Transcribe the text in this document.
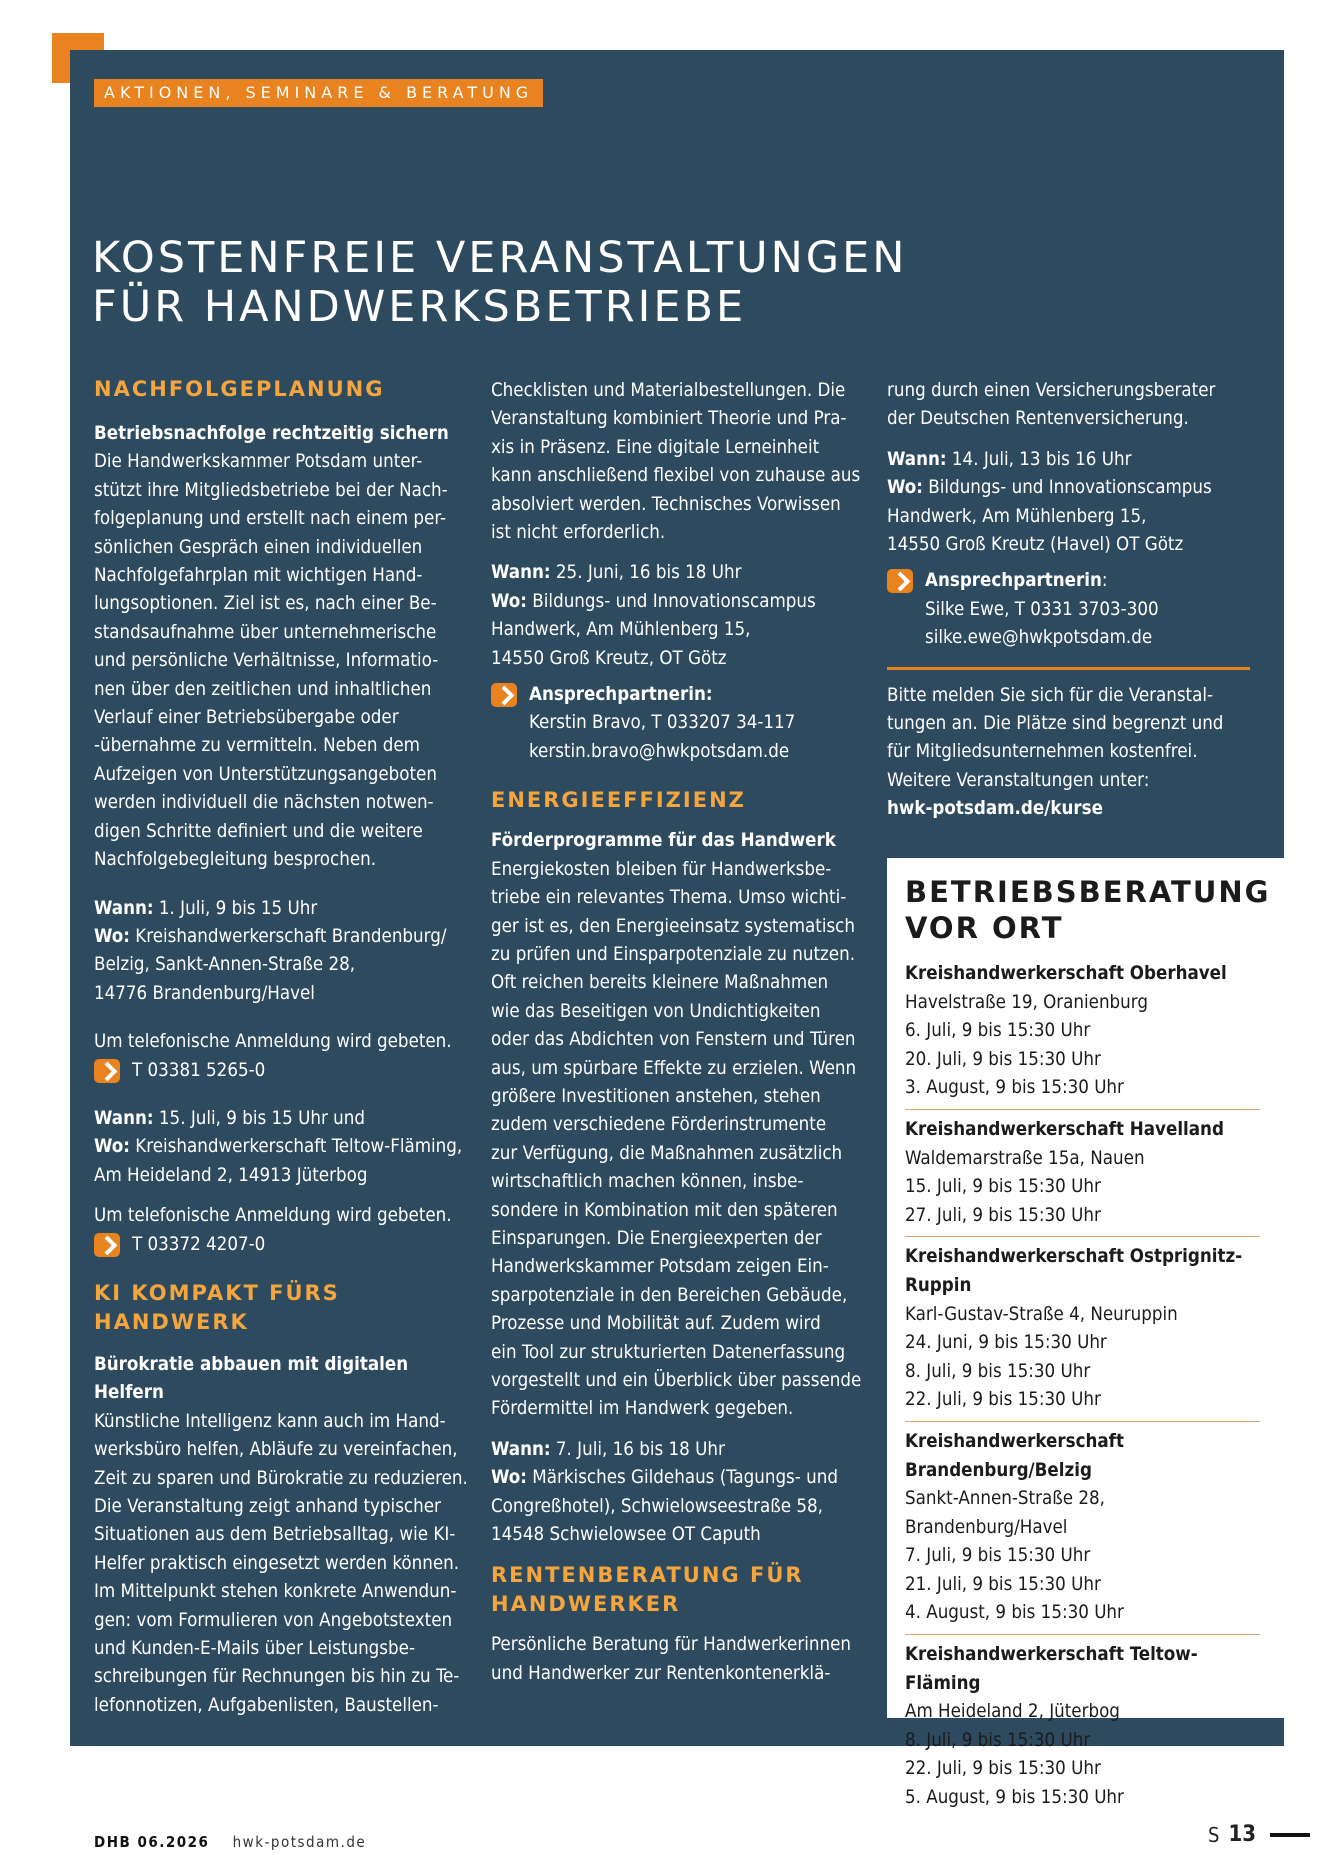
AKTIONEN, SEMINARE & BERATUNG
KOSTENFREIE VERANSTALTUNGEN
FÜR HANDWERKSBETRIEBE
NACHFOLGEPLANUNG
Betriebsnachfolge rechtzeitig sichern
Die Handwerkskammer Potsdam unter-
stützt ihre Mitgliedsbetriebe bei der Nach-
folgeplanung und erstellt nach einem per-
sönlichen Gespräch einen individuellen
Nachfolgefahrplan mit wichtigen Hand-
lungsoptionen. Ziel ist es, nach einer Be-
standsaufnahme über unternehmerische
und persönliche Verhältnisse, Informatio-
nen über den zeitlichen und inhaltlichen
Verlauf einer Betriebsübergabe oder
-übernahme zu vermitteln. Neben dem
Aufzeigen von Unterstützungsangeboten
werden individuell die nächsten notwen-
digen Schritte definiert und die weitere
Nachfolgebegleitung besprochen.
Wann: 1. Juli, 9 bis 15 Uhr
Wo: Kreishandwerkerschaft Brandenburg/
Belzig, Sankt-Annen-Straße 28,
14776 Brandenburg/Havel
Um telefonische Anmeldung wird gebeten.
T 03381 5265-0
Wann: 15. Juli, 9 bis 15 Uhr und
Wo: Kreishandwerkerschaft Teltow-Fläming,
Am Heideland 2, 14913 Jüterbog
Um telefonische Anmeldung wird gebeten.
T 03372 4207-0
KI KOMPAKT FÜRS
HANDWERK
Bürokratie abbauen mit digitalen Helfern
Künstliche Intelligenz kann auch im Hand-
werksbüro helfen, Abläufe zu vereinfachen,
Zeit zu sparen und Bürokratie zu reduzieren.
Die Veranstaltung zeigt anhand typischer
Situationen aus dem Betriebsalltag, wie KI-
Helfer praktisch eingesetzt werden können.
Im Mittelpunkt stehen konkrete Anwendun-
gen: vom Formulieren von Angebotstexten
und Kunden-E-Mails über Leistungsbe-
schreibungen für Rechnungen bis hin zu Te-
lefonnotizen, Aufgabenlisten, Baustellen-
Checklisten und Materialbestellungen. Die
Veranstaltung kombiniert Theorie und Pra-
xis in Präsenz. Eine digitale Lerneinheit
kann anschließend flexibel von zuhause aus
absolviert werden. Technisches Vorwissen
ist nicht erforderlich.
Wann: 25. Juni, 16 bis 18 Uhr
Wo: Bildungs- und Innovationscampus
Handwerk, Am Mühlenberg 15,
14550 Groß Kreutz, OT Götz
Ansprechpartnerin:
Kerstin Bravo, T 033207 34-117
kerstin.bravo@hwkpotsdam.de
ENERGIEEFFIZIENZ
Förderprogramme für das Handwerk
Energiekosten bleiben für Handwerksbe-
triebe ein relevantes Thema. Umso wichti-
ger ist es, den Energieeinsatz systematisch
zu prüfen und Einsparpotenziale zu nutzen.
Oft reichen bereits kleinere Maßnahmen
wie das Beseitigen von Undichtigkeiten
oder das Abdichten von Fenstern und Türen
aus, um spürbare Effekte zu erzielen. Wenn
größere Investitionen anstehen, stehen
zudem verschiedene Förderinstrumente
zur Verfügung, die Maßnahmen zusätzlich
wirtschaftlich machen können, insbe-
sondere in Kombination mit den späteren
Einsparungen. Die Energieexperten der
Handwerkskammer Potsdam zeigen Ein-
sparpotenziale in den Bereichen Gebäude,
Prozesse und Mobilität auf. Zudem wird
ein Tool zur strukturierten Datenerfassung
vorgestellt und ein Überblick über passende
Fördermittel im Handwerk gegeben.
Wann: 7. Juli, 16 bis 18 Uhr
Wo: Märkisches Gildehaus (Tagungs- und
Congreßhotel), Schwielowseestraße 58,
14548 Schwielowsee OT Caputh
RENTENBERATUNG FÜR
HANDWERKER
Persönliche Beratung für Handwerkerinnen
und Handwerker zur Rentenkontenerklä-
rung durch einen Versicherungsberater
der Deutschen Rentenversicherung.
Wann: 14. Juli, 13 bis 16 Uhr
Wo: Bildungs- und Innovationscampus
Handwerk, Am Mühlenberg 15,
14550 Groß Kreutz (Havel) OT Götz
Ansprechpartnerin:
Silke Ewe, T 0331 3703-300
silke.ewe@hwkpotsdam.de
Bitte melden Sie sich für die Veranstal-
tungen an. Die Plätze sind begrenzt und
für Mitgliedsunternehmen kostenfrei.
Weitere Veranstaltungen unter:
hwk-potsdam.de/kurse
BETRIEBSBERATUNG
VOR ORT
Kreishandwerkerschaft Oberhavel
Havelstraße 19, Oranienburg
6. Juli, 9 bis 15:30 Uhr
20. Juli, 9 bis 15:30 Uhr
3. August, 9 bis 15:30 Uhr
Kreishandwerkerschaft Havelland
Waldemarstraße 15a, Nauen
15. Juli, 9 bis 15:30 Uhr
27. Juli, 9 bis 15:30 Uhr
Kreishandwerkerschaft Ostprignitz-Ruppin
Karl-Gustav-Straße 4, Neuruppin
24. Juni, 9 bis 15:30 Uhr
8. Juli, 9 bis 15:30 Uhr
22. Juli, 9 bis 15:30 Uhr
Kreishandwerkerschaft Brandenburg/Belzig
Sankt-Annen-Straße 28, Brandenburg/Havel
7. Juli, 9 bis 15:30 Uhr
21. Juli, 9 bis 15:30 Uhr
4. August, 9 bis 15:30 Uhr
Kreishandwerkerschaft Teltow-Fläming
Am Heideland 2, Jüterbog
8. Juli, 9 bis 15:30 Uhr
22. Juli, 9 bis 15:30 Uhr
5. August, 9 bis 15:30 Uhr
DHB 06.2026 hwk-potsdam.de	S 13
